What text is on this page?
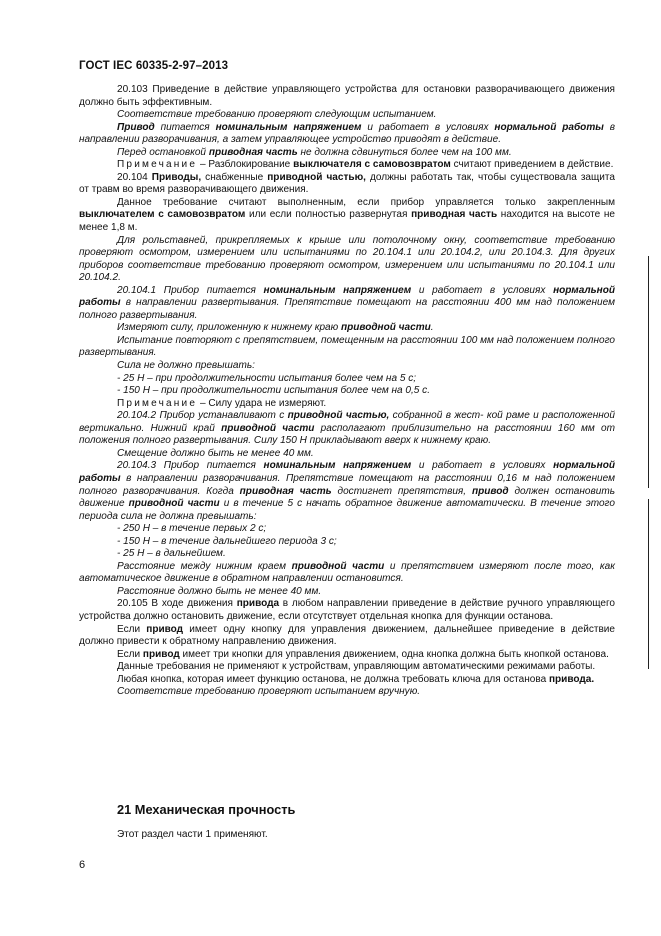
ГОСТ IEC 60335-2-97–2013

20.103 Приведение в действие управляющего устройства для остановки разворачивающего движения должно быть эффективным.

Соответствие требованию проверяют следующим испытанием.

Привод питается номинальным напряжением и работает в условиях нормальной работы в направлении разворачивания, а затем управляющее устройство приводят в действие.

Перед остановкой приводная часть не должна сдвинуться более чем на 100 мм.

Примечание – Разблокирование выключателя с самовозвратом считают приведением в действие.

20.104 Приводы, снабженные приводной частью, должны работать так, чтобы существовала защита от травм во время разворачивающего движения.

Данное требование считают выполненным, если прибор управляется только закрепленным выключателем с самовозвратом или если полностью развернутая приводная часть находится на высоте не менее 1,8 м.

Для рольставней, прикрепляемых к крыше или потолочному окну, соответствие требованию проверяют осмотром, измерением или испытаниями по 20.104.1 или 20.104.2, или 20.104.3. Для других приборов соответствие требованию проверяют осмотром, измерением или испытаниями по 20.104.1 или 20.104.2.

20.104.1 Прибор питается номинальным напряжением и работает в условиях нормальной работы в направлении развертывания. Препятствие помещают на расстоянии 400 мм над положением полного развертывания.

Измеряют силу, приложенную к нижнему краю приводной части.

Испытание повторяют с препятствием, помещенным на расстоянии 100 мм над положением полного развертывания.

Сила не должно превышать:

- 25 Н – при продолжительности испытания более чем на 5 с;

- 150 Н – при продолжительности испытания более чем на 0,5 с.

Примечание – Силу удара не измеряют.

20.104.2 Прибор устанавливают с приводной частью, собранной в жест- кой раме и расположенной вертикально. Нижний край приводной части располагают приблизительно на расстоянии 160 мм от положения полного развертывания. Силу 150 Н прикладывают вверх к нижнему краю.

Смещение должно быть не менее 40 мм.

20.104.3 Прибор питается номинальным напряжением и работает в условиях нормальной работы в направлении разворачивания. Препятствие помещают на расстоянии 0,16 м над положением полного разворачивания. Когда приводная часть достигнет препятствия, привод должен остановить движение приводной части и в течение 5 с начать обратное движение автоматически. В течение этого периода сила не должна превышать:

- 250 Н – в течение первых 2 с;

- 150 Н – в течение дальнейшего периода 3 с;

- 25 Н – в дальнейшем.

Расстояние между нижним краем приводной части и препятствием измеряют после того, как автоматическое движение в обратном направлении остановится.

Расстояние должно быть не менее 40 мм.

20.105 В ходе движения привода в любом направлении приведение в действие ручного управляющего устройства должно остановить движение, если отсутствует отдельная кнопка для функции останова.

Если привод имеет одну кнопку для управления движением, дальнейшее приведение в действие должно привести к обратному направлению движения.

Если привод имеет три кнопки для управления движением, одна кнопка должна быть кнопкой останова.

Данные требования не применяют к устройствам, управляющим автоматическими режимами работы.

Любая кнопка, которая имеет функцию останова, не должна требовать ключа для останова привода.

Соответствие требованию проверяют испытанием вручную.

21 Механическая прочность
Этот раздел части 1 применяют.
6
